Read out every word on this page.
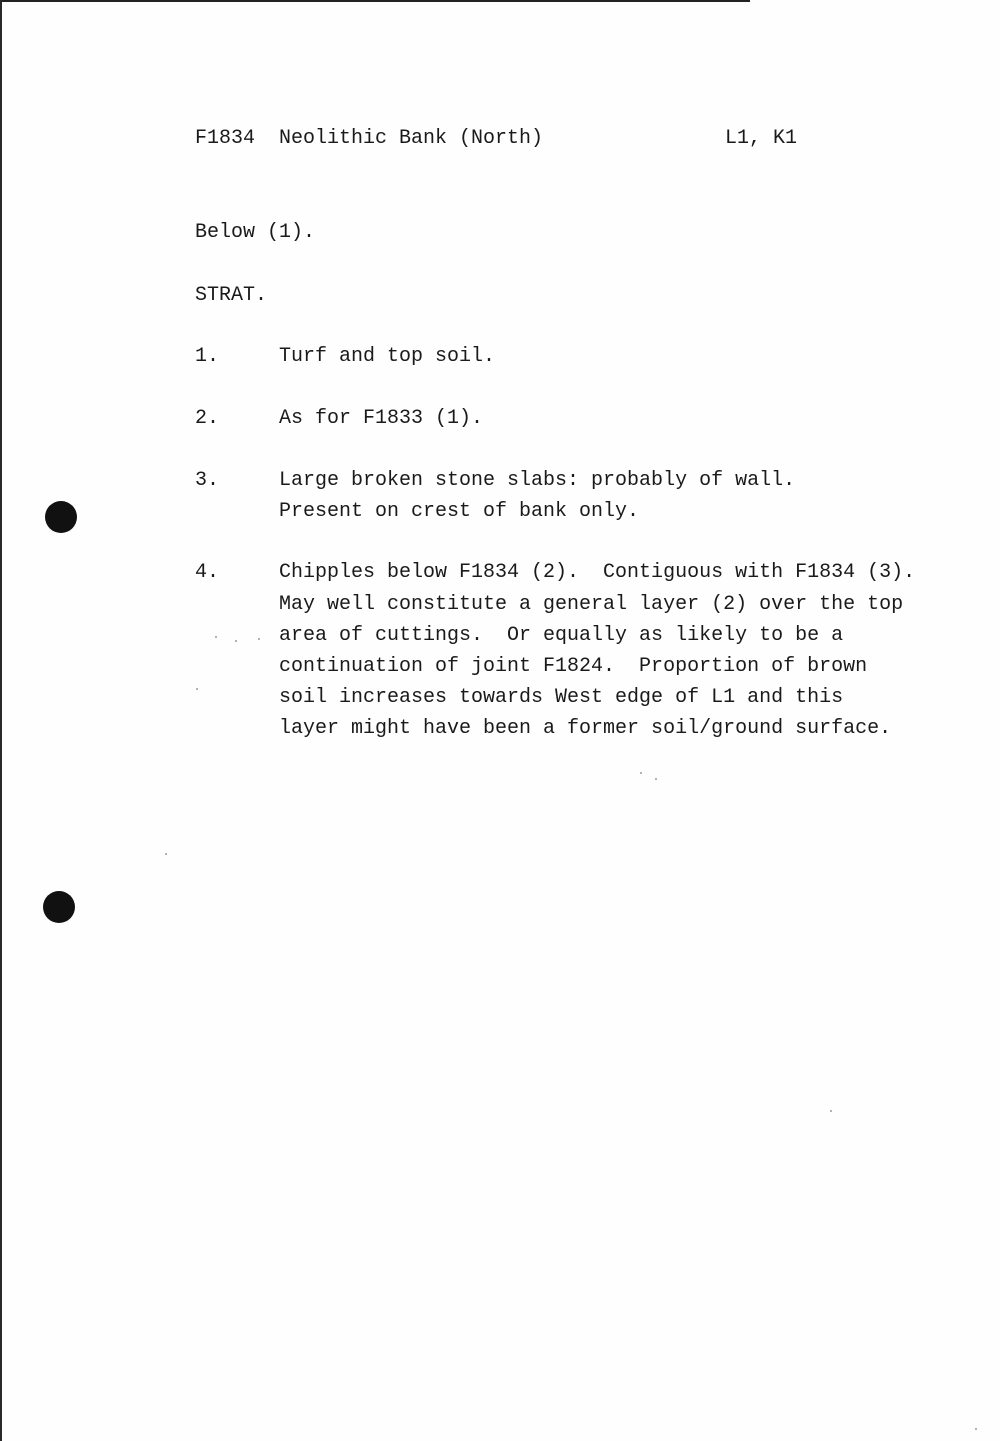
F1834 Neolithic Bank (North)	L1, K1
Below (1).
STRAT.
1.	Turf and top soil.
2.	As for F1833 (1).
3.	Large broken stone slabs: probably of wall.
Present on crest of bank only.
4.	Chipples below F1834 (2).  Contiguous with F1834 (3).
May well constitute a general layer (2) over the top
area of cuttings.  Or equally as likely to be a
continuation of joint F1824.  Proportion of brown
soil increases towards West edge of L1 and this
layer might have been a former soil/ground surface.
